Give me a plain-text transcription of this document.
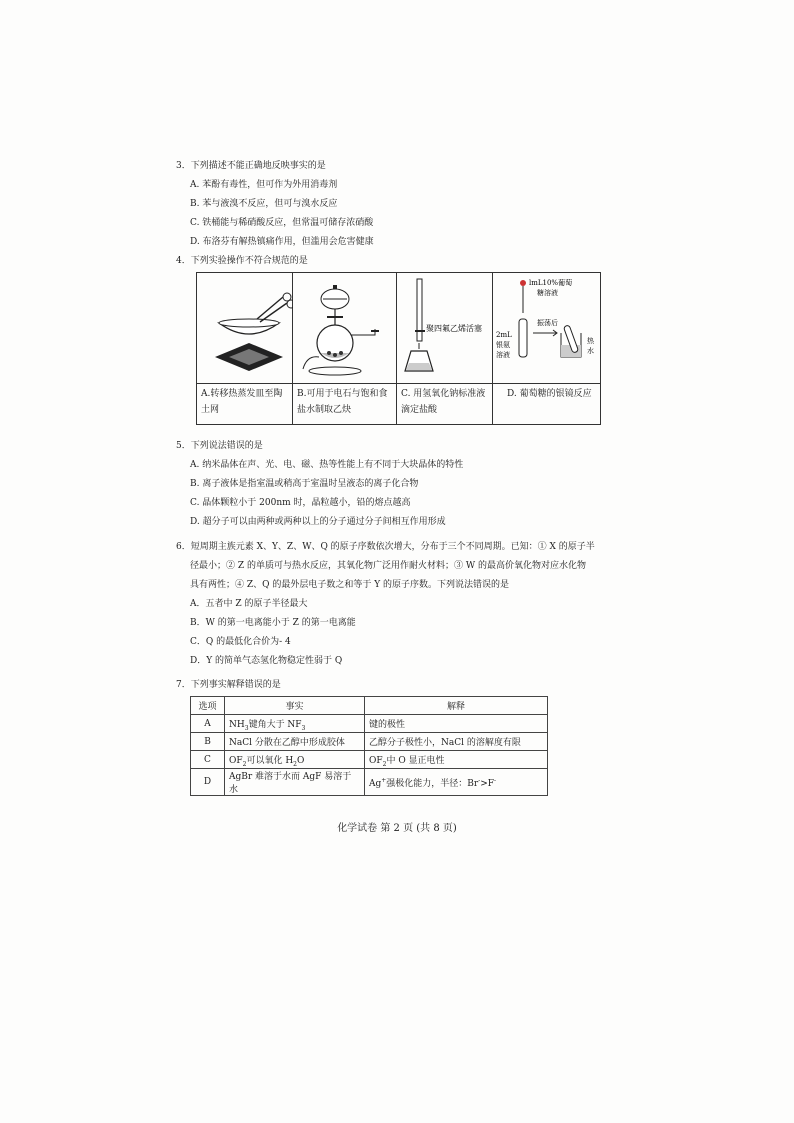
3．下列描述不能正确地反映事实的是
A. 苯酚有毒性，但可作为外用消毒剂
B. 苯与液溴不反应，但可与溴水反应
C. 铁桶能与稀硝酸反应，但常温可储存浓硝酸
D. 布洛芬有解热镇痛作用，但滥用会危害健康
4．下列实验操作不符合规范的是
A.转移热蒸发皿至陶土网
B.可用于电石与饱和食盐水制取乙炔
聚四氟乙烯活塞
C. 用氢氧化钠标准液滴定盐酸
lmL10%葡萄
糖溶液
2mL
银氨
溶液
振荡后
热
水
D. 葡萄糖的银镜反应
5．下列说法错误的是
A. 纳米晶体在声、光、电、磁、热等性能上有不同于大块晶体的特性
B. 离子液体是指室温或稍高于室温时呈液态的离子化合物
C. 晶体颗粒小于 200nm 时，晶粒越小，铅的熔点越高
D. 超分子可以由两种或两种以上的分子通过分子间相互作用形成
6．短周期主族元素 X、Y、Z、W、Q 的原子序数依次增大，分布于三个不同周期。已知：① X 的原子半
径最小；② Z 的单质可与热水反应，其氧化物广泛用作耐火材料；③ W 的最高价氧化物对应水化物
具有两性；④ Z、Q 的最外层电子数之和等于 Y 的原子序数。下列说法错误的是
A．五者中 Z 的原子半径最大
B．W 的第一电离能小于 Z 的第一电离能
C．Q 的最低化合价为- 4
D．Y 的简单气态氢化物稳定性弱于 Q
7．下列事实解释错误的是
选项	事实	解释
A	$NH_3$键角大于 $NF_3$	键的极性
B	NaCl 分散在乙醇中形成胶体	乙醇分子极性小，NaCl 的溶解度有限
C	$OF_2$可以氧化 $H_2O$	$OF_2$中 O 显正电性
D	AgBr 难溶于水而 AgF 易溶于水	Ag+强极化能力，半径：Br->F-
化学试卷 第 2 页 (共 8 页)
